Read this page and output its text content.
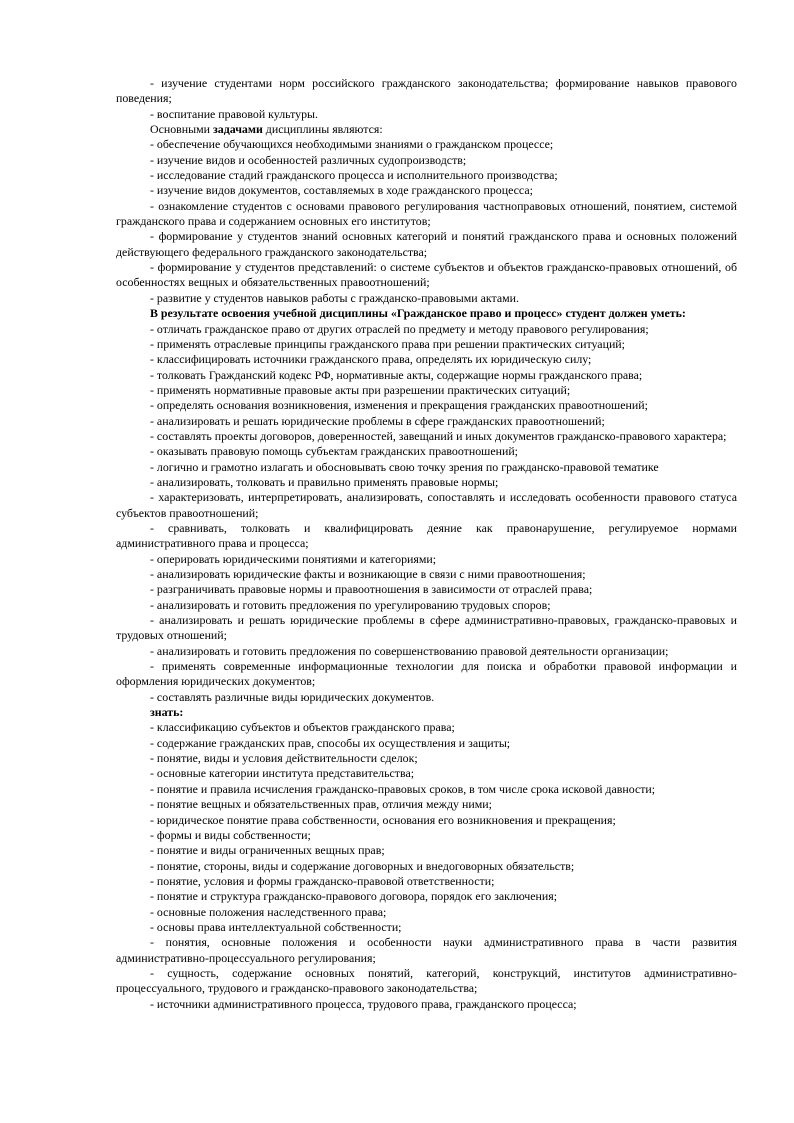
- изучение студентами норм российского гражданского законодательства; формирование навыков правового поведения;

- воспитание правовой культуры.

Основными задачами дисциплины являются:

- обеспечение обучающихся необходимыми знаниями о гражданском процессе;

- изучение видов и особенностей различных судопроизводств;

- исследование стадий гражданского процесса и исполнительного производства;

- изучение видов документов, составляемых в ходе гражданского процесса;

- ознакомление студентов с основами правового регулирования частноправовых отношений, понятием, системой гражданского права и содержанием основных его институтов;

- формирование у студентов знаний основных категорий и понятий гражданского права и основных положений действующего федерального гражданского законодательства;

- формирование у студентов представлений: о системе субъектов и объектов гражданско-правовых отношений, об особенностях вещных и обязательственных правоотношений;

- развитие у студентов навыков работы с гражданско-правовыми актами.

В результате освоения учебной дисциплины «Гражданское право и процесс» студент должен уметь:

- отличать гражданское право от других отраслей по предмету и методу правового регулирования;

- применять отраслевые принципы гражданского права при решении практических ситуаций;

- классифицировать источники гражданского права, определять их юридическую силу;

- толковать Гражданский кодекс РФ, нормативные акты, содержащие нормы гражданского права;

- применять нормативные правовые акты при разрешении практических ситуаций;

- определять основания возникновения, изменения и прекращения гражданских правоотношений;

- анализировать и решать юридические проблемы в сфере гражданских правоотношений;

- составлять проекты договоров, доверенностей, завещаний и иных документов гражданско-правового характера;

- оказывать правовую помощь субъектам гражданских правоотношений;

- логично и грамотно излагать и обосновывать свою точку зрения по гражданско-правовой тематике

- анализировать, толковать и правильно применять правовые нормы;

- характеризовать, интерпретировать, анализировать, сопоставлять и исследовать особенности правового статуса субъектов правоотношений;

- сравнивать, толковать и квалифицировать деяние как правонарушение, регулируемое нормами административного права и процесса;

- оперировать юридическими понятиями и категориями;

- анализировать юридические факты и возникающие в связи с ними правоотношения;

- разграничивать правовые нормы и правоотношения в зависимости от отраслей права;

- анализировать и готовить предложения по урегулированию трудовых споров;

- анализировать и решать юридические проблемы в сфере административно-правовых, гражданско-правовых и трудовых отношений;

- анализировать и готовить предложения по совершенствованию правовой деятельности организации;

- применять современные информационные технологии для поиска и обработки правовой информации и оформления юридических документов;

- составлять различные виды юридических документов.

знать:

- классификацию субъектов и объектов гражданского права;

- содержание гражданских прав, способы их осуществления и защиты;

- понятие, виды и условия действительности сделок;

- основные категории института представительства;

- понятие и правила исчисления гражданско-правовых сроков, в том числе срока исковой давности;

- понятие вещных и обязательственных прав, отличия между ними;

- юридическое понятие права собственности, основания его возникновения и прекращения;

- формы и виды собственности;

- понятие и виды ограниченных вещных прав;

- понятие, стороны, виды и содержание договорных и внедоговорных обязательств;

- понятие, условия и формы гражданско-правовой ответственности;

- понятие и структура гражданско-правового договора, порядок его заключения;

- основные положения наследственного права;

- основы права интеллектуальной собственности;

- понятия, основные положения и особенности науки административного права в части развития административно-процессуального регулирования;

- сущность, содержание основных понятий, категорий, конструкций, институтов административно-процессуального, трудового и гражданско-правового законодательства;

- источники административного процесса, трудового права, гражданского процесса;
